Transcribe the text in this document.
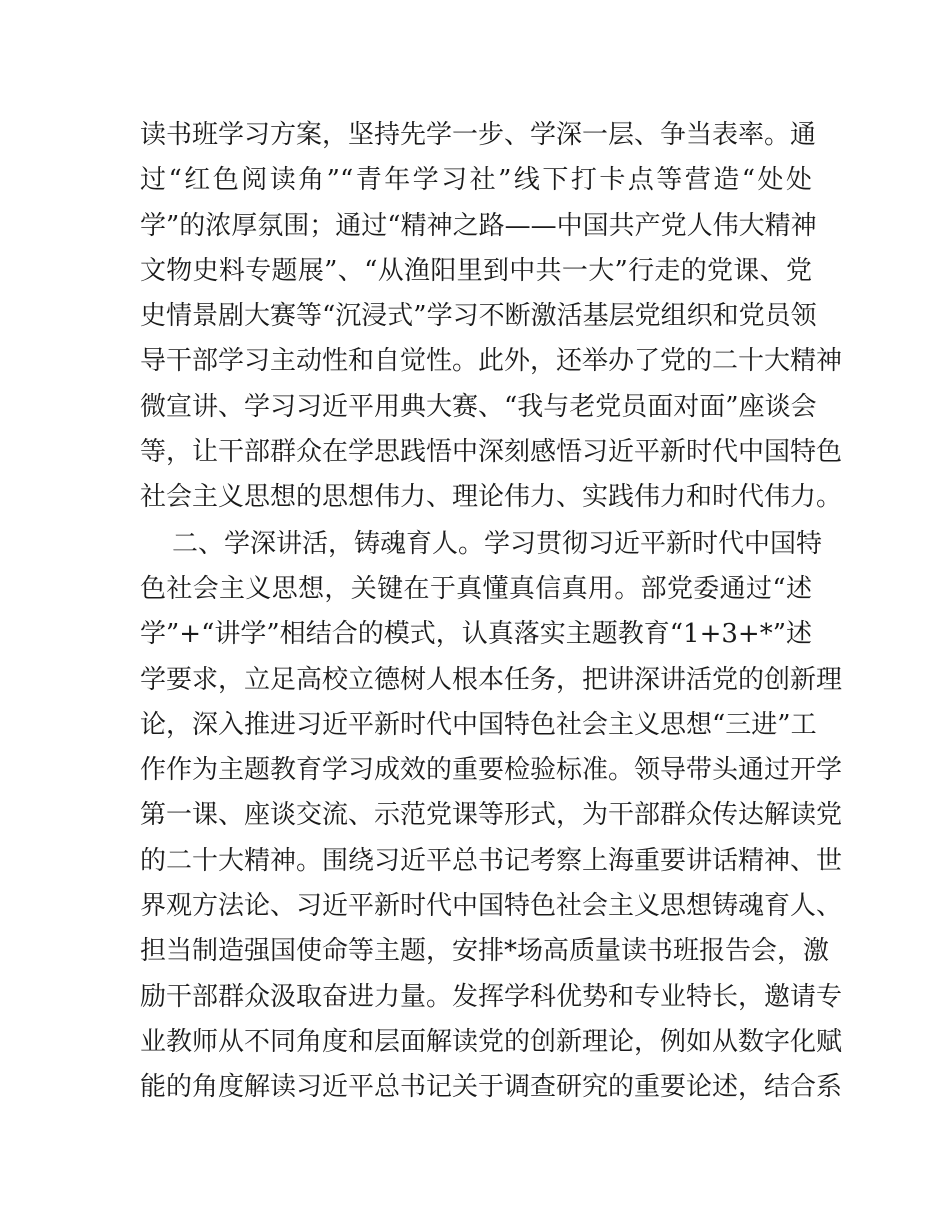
读书班学习方案，坚持先学一步、学深一层、争当表率。通
过“红色阅读角”“青年学习社”线下打卡点等营造“处处
学”的浓厚氛围；通过“精神之路——中国共产党人伟大精神
文物史料专题展”、“从渔阳里到中共一大”行走的党课、党
史情景剧大赛等“沉浸式”学习不断激活基层党组织和党员领
导干部学习主动性和自觉性。此外，还举办了党的二十大精神
微宣讲、学习习近平用典大赛、“我与老党员面对面”座谈会
等，让干部群众在学思践悟中深刻感悟习近平新时代中国特色
社会主义思想的思想伟力、理论伟力、实践伟力和时代伟力。
二、学深讲活，铸魂育人。学习贯彻习近平新时代中国特
色社会主义思想，关键在于真懂真信真用。部党委通过“述
学”+“讲学”相结合的模式，认真落实主题教育“1+3+*”述
学要求，立足高校立德树人根本任务，把讲深讲活党的创新理
论，深入推进习近平新时代中国特色社会主义思想“三进”工
作作为主题教育学习成效的重要检验标准。领导带头通过开学
第一课、座谈交流、示范党课等形式，为干部群众传达解读党
的二十大精神。围绕习近平总书记考察上海重要讲话精神、世
界观方法论、习近平新时代中国特色社会主义思想铸魂育人、
担当制造强国使命等主题，安排*场高质量读书班报告会，激
励干部群众汲取奋进力量。发挥学科优势和专业特长，邀请专
业教师从不同角度和层面解读党的创新理论，例如从数字化赋
能的角度解读习近平总书记关于调查研究的重要论述，结合系
